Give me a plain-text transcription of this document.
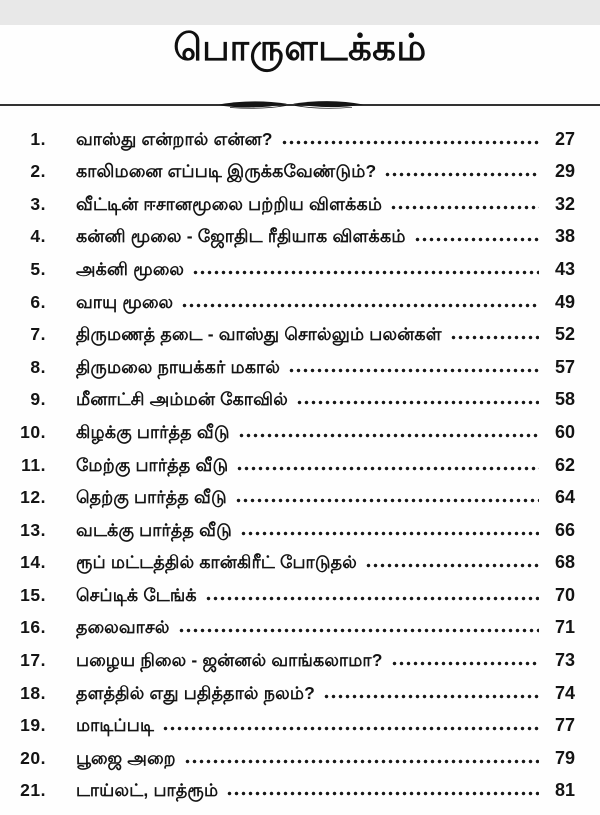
பொருளடக்கம்
1. வாஸ்து என்றால் என்ன?	27
2. காலிமனை எப்படி இருக்கவேண்டும்?	29
3. வீட்டின் ஈசானமூலை பற்றிய விளக்கம்	32
4. கன்னி மூலை - ஜோதிட ரீதியாக விளக்கம்	38
5. அக்னி மூலை	43
6. வாயு மூலை	49
7. திருமணத் தடை - வாஸ்து சொல்லும் பலன்கள்	52
8. திருமலை நாயக்கர் மகால்	57
9. மீனாட்சி அம்மன் கோவில்	58
10. கிழக்கு பார்த்த வீடு	60
11. மேற்கு பார்த்த வீடு	62
12. தெற்கு பார்த்த வீடு	64
13. வடக்கு பார்த்த வீடு	66
14. ரூப் மட்டத்தில் கான்கிரீட் போடுதல்	68
15. செப்டிக் டேங்க்	70
16. தலைவாசல்	71
17. பழைய நிலை - ஜன்னல் வாங்கலாமா?	73
18. தளத்தில் எது பதித்தால் நலம்?	74
19. மாடிப்படி	77
20. பூஜை அறை	79
21. டாய்லட், பாத்ரூம்	81
